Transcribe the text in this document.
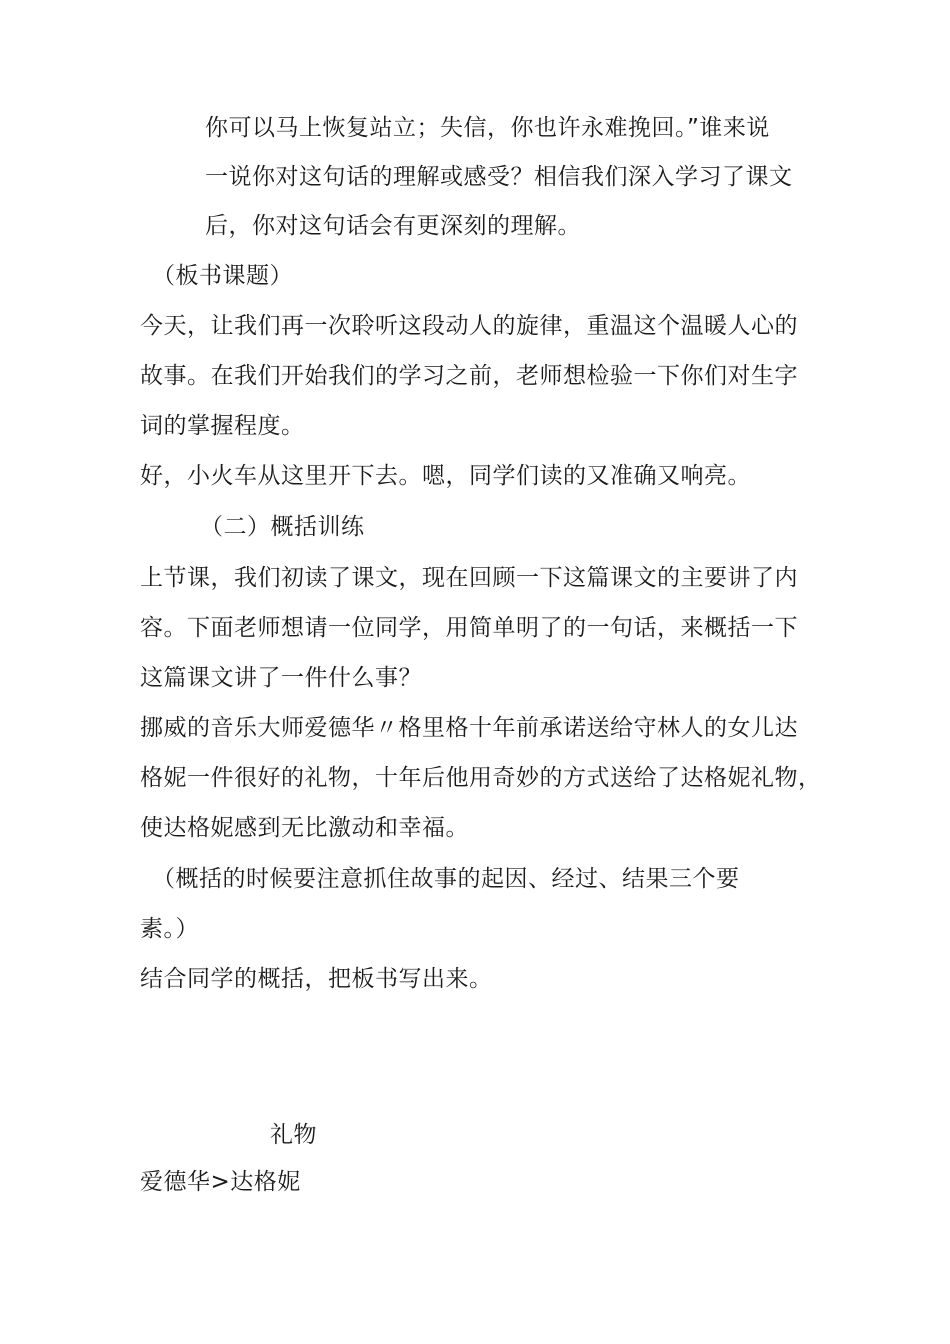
你可以马上恢复站立；失信，你也许永难挽回。”谁来说
一说你对这句话的理解或感受？相信我们深入学习了课文
后，你对这句话会有更深刻的理解。
（板书课题）
今天，让我们再一次聆听这段动人的旋律，重温这个温暖人心的
故事。在我们开始我们的学习之前，老师想检验一下你们对生字
词的掌握程度。
好，小火车从这里开下去。嗯，同学们读的又准确又响亮。
（二）概括训练
上节课，我们初读了课文，现在回顾一下这篇课文的主要讲了内
容。下面老师想请一位同学，用简单明了的一句话，来概括一下
这篇课文讲了一件什么事？
挪威的音乐大师爱德华〃格里格十年前承诺送给守林人的女儿达
格妮一件很好的礼物，十年后他用奇妙的方式送给了达格妮礼物，
使达格妮感到无比激动和幸福。
（概括的时候要注意抓住故事的起因、经过、结果三个要
素。）
结合同学的概括，把板书写出来。
礼物
爱德华>达格妮
